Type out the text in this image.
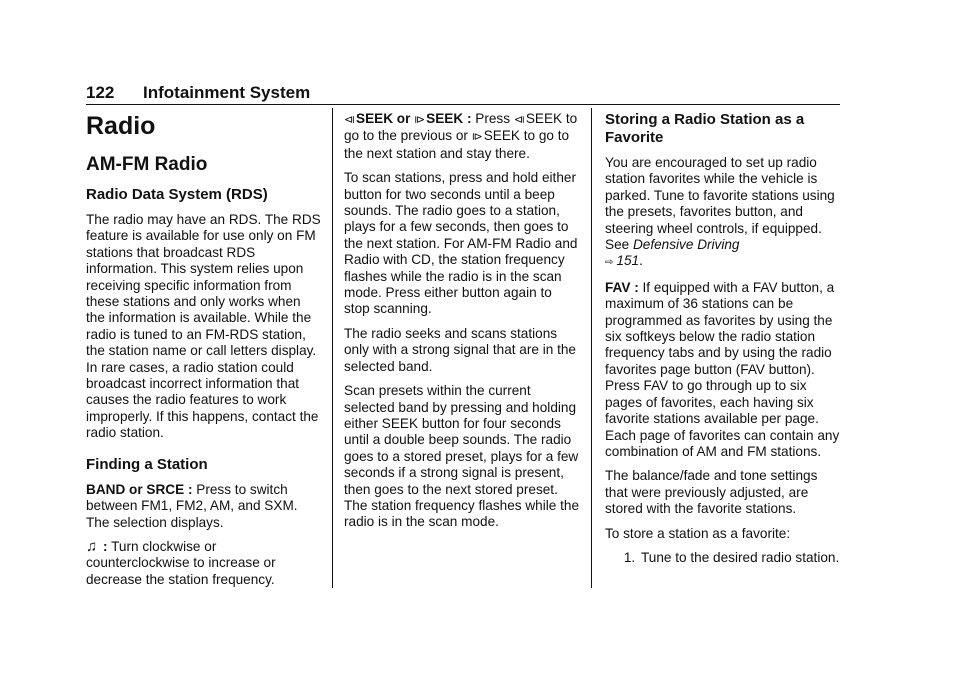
122 Infotainment System
Radio
AM-FM Radio
Radio Data System (RDS)

The radio may have an RDS. The RDS feature is available for use only on FM stations that broadcast RDS information. This system relies upon receiving specific information from these stations and only works when the information is available. While the radio is tuned to an FM-RDS station, the station name or call letters display. In rare cases, a radio station could broadcast incorrect information that causes the radio features to work improperly. If this happens, contact the radio station.

Finding a Station

BAND or SRCE : Press to switch between FM1, FM2, AM, and SXM. The selection displays.

♫ : Turn clockwise or counterclockwise to increase or decrease the station frequency.

⧏SEEK or ⧐SEEK : Press ⧏SEEK to go to the previous or ⧐SEEK to go to the next station and stay there.

To scan stations, press and hold either button for two seconds until a beep sounds. The radio goes to a station, plays for a few seconds, then goes to the next station. For AM-FM Radio and Radio with CD, the station frequency flashes while the radio is in the scan mode. Press either button again to stop scanning.

The radio seeks and scans stations only with a strong signal that are in the selected band.

Scan presets within the current selected band by pressing and holding either SEEK button for four seconds until a double beep sounds. The radio goes to a stored preset, plays for a few seconds if a strong signal is present, then goes to the next stored preset. The station frequency flashes while the radio is in the scan mode.

Storing a Radio Station as a Favorite

You are encouraged to set up radio station favorites while the vehicle is parked. Tune to favorite stations using the presets, favorites button, and steering wheel controls, if equipped. See Defensive Driving
⇨ 151.

FAV : If equipped with a FAV button, a maximum of 36 stations can be programmed as favorites by using the six softkeys below the radio station frequency tabs and by using the radio favorites page button (FAV button). Press FAV to go through up to six pages of favorites, each having six favorite stations available per page. Each page of favorites can contain any combination of AM and FM stations.

The balance/fade and tone settings that were previously adjusted, are stored with the favorite stations.

To store a station as a favorite:

1. Tune to the desired radio station.
